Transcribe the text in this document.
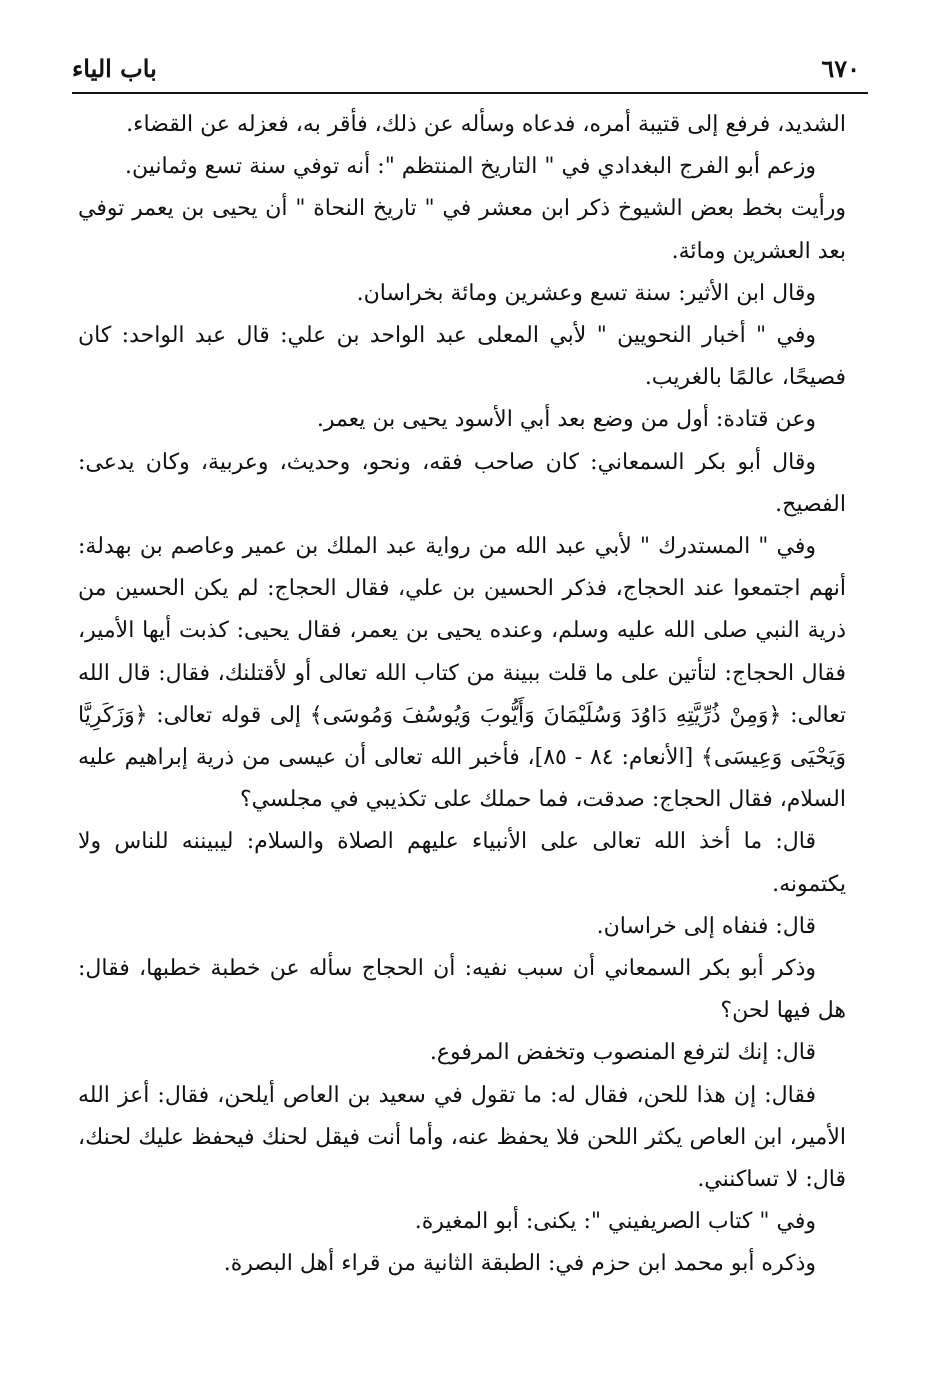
٦٧٠
باب الياء

الشديد، فرفع إلى قتيبة أمره، فدعاه وسأله عن ذلك، فأقر به، فعزله عن القضاء.

وزعم أبو الفرج البغدادي في " التاريخ المنتظم ": أنه توفي سنة تسع وثمانين.

ورأيت بخط بعض الشيوخ ذكر ابن معشر في " تاريخ النحاة " أن يحيى بن يعمر توفي بعد العشرين ومائة.

وقال ابن الأثير: سنة تسع وعشرين ومائة بخراسان.

وفي " أخبار النحويين " لأبي المعلى عبد الواحد بن علي: قال عبد الواحد: كان فصيحًا، عالمًا بالغريب.

وعن قتادة: أول من وضع بعد أبي الأسود يحيى بن يعمر.

وقال أبو بكر السمعاني: كان صاحب فقه، ونحو، وحديث، وعربية، وكان يدعى: الفصيح.

وفي " المستدرك " لأبي عبد الله من رواية عبد الملك بن عمير وعاصم بن بهدلة: أنهم اجتمعوا عند الحجاج، فذكر الحسين بن علي، فقال الحجاج: لم يكن الحسين من ذرية النبي صلى الله عليه وسلم، وعنده يحيى بن يعمر، فقال يحيى: كذبت أيها الأمير، فقال الحجاج: لتأتين على ما قلت ببينة من كتاب الله تعالى أو لأقتلنك، فقال: قال الله تعالى: ﴿وَمِنْ ذُرِّيَّتِهِ دَاوُدَ وَسُلَيْمَانَ وَأَيُّوبَ وَيُوسُفَ وَمُوسَى﴾ إلى قوله تعالى: ﴿وَزَكَرِيَّا وَيَحْيَى وَعِيسَى﴾ [الأنعام: ٨٤ - ٨٥]، فأخبر الله تعالى أن عيسى من ذرية إبراهيم عليه السلام، فقال الحجاج: صدقت، فما حملك على تكذيبي في مجلسي؟

قال: ما أخذ الله تعالى على الأنبياء عليهم الصلاة والسلام: ليبيننه للناس ولا يكتمونه.

قال: فنفاه إلى خراسان.

وذكر أبو بكر السمعاني أن سبب نفيه: أن الحجاج سأله عن خطبة خطبها، فقال: هل فيها لحن؟

قال: إنك لترفع المنصوب وتخفض المرفوع.

فقال: إن هذا للحن، فقال له: ما تقول في سعيد بن العاص أيلحن، فقال: أعز الله الأمير، ابن العاص يكثر اللحن فلا يحفظ عنه، وأما أنت فيقل لحنك فيحفظ عليك لحنك، قال: لا تساكنني.

وفي " كتاب الصريفيني ": يكنى: أبو المغيرة.

وذكره أبو محمد ابن حزم في: الطبقة الثانية من قراء أهل البصرة.
